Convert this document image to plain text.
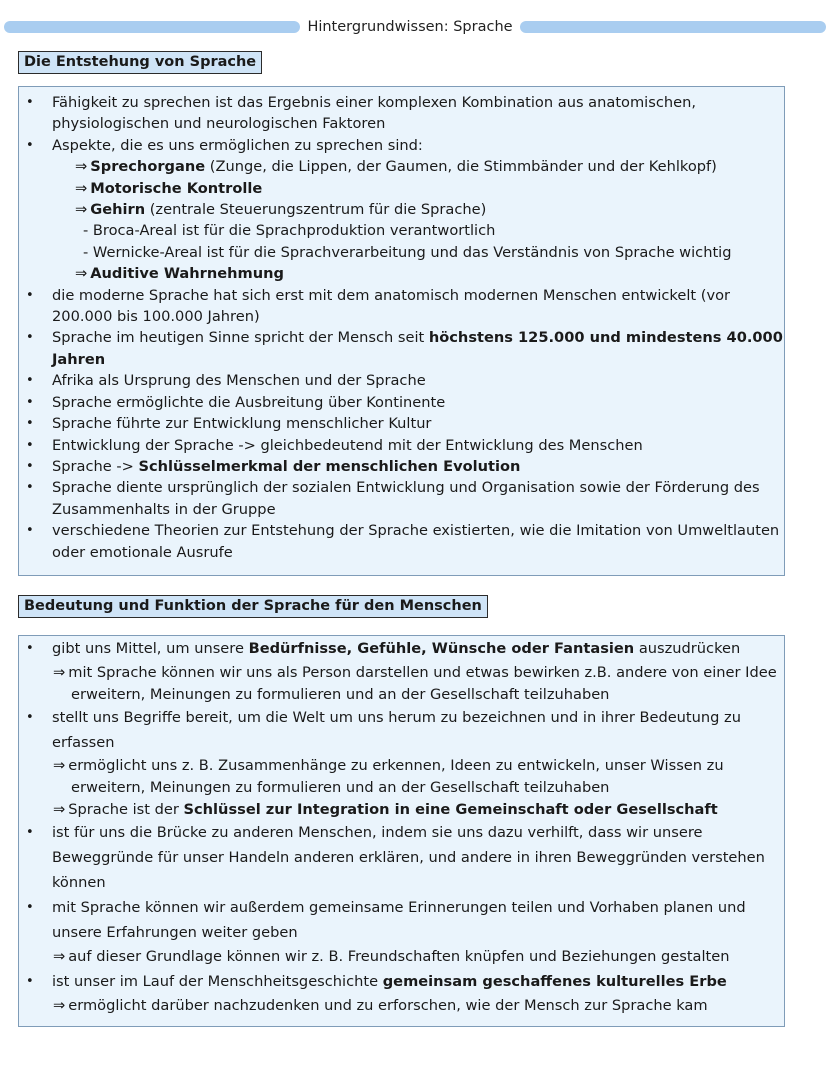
Hintergrundwissen: Sprache
Die Entstehung von Sprache
• Fähigkeit zu sprechen ist das Ergebnis einer komplexen Kombination aus anatomischen, physiologischen und neurologischen Faktoren
• Aspekte, die es uns ermöglichen zu sprechen sind:
⇒ Sprechorgane (Zunge, die Lippen, der Gaumen, die Stimmbänder und der Kehlkopf)
⇒ Motorische Kontrolle
⇒ Gehirn (zentrale Steuerungszentrum für die Sprache)
- Broca-Areal ist für die Sprachproduktion verantwortlich
- Wernicke-Areal ist für die Sprachverarbeitung und das Verständnis von Sprache wichtig
⇒ Auditive Wahrnehmung
• die moderne Sprache hat sich erst mit dem anatomisch modernen Menschen entwickelt (vor 200.000 bis 100.000 Jahren)
• Sprache im heutigen Sinne spricht der Mensch seit höchstens 125.000 und mindestens 40.000 Jahren
• Afrika als Ursprung des Menschen und der Sprache
• Sprache ermöglichte die Ausbreitung über Kontinente
• Sprache führte zur Entwicklung menschlicher Kultur
• Entwicklung der Sprache -> gleichbedeutend mit der Entwicklung des Menschen
• Sprache -> Schlüsselmerkmal der menschlichen Evolution
• Sprache diente ursprünglich der sozialen Entwicklung und Organisation sowie der Förderung des Zusammenhalts in der Gruppe
• verschiedene Theorien zur Entstehung der Sprache existierten, wie die Imitation von Umweltlauten oder emotionale Ausrufe
Bedeutung und Funktion der Sprache für den Menschen
• gibt uns Mittel, um unsere Bedürfnisse, Gefühle, Wünsche oder Fantasien auszudrücken
⇒ mit Sprache können wir uns als Person darstellen und etwas bewirken z.B. andere von einer Idee erweitern, Meinungen zu formulieren und an der Gesellschaft teilzuhaben
• stellt uns Begriffe bereit, um die Welt um uns herum zu bezeichnen und in ihrer Bedeutung zu erfassen
⇒ ermöglicht uns z. B. Zusammenhänge zu erkennen, Ideen zu entwickeln, unser Wissen zu erweitern, Meinungen zu formulieren und an der Gesellschaft teilzuhaben
⇒ Sprache ist der Schlüssel zur Integration in eine Gemeinschaft oder Gesellschaft
• ist für uns die Brücke zu anderen Menschen, indem sie uns dazu verhilft, dass wir unsere Beweggründe für unser Handeln anderen erklären, und andere in ihren Beweggründen verstehen können
• mit Sprache können wir außerdem gemeinsame Erinnerungen teilen und Vorhaben planen und unsere Erfahrungen weiter geben
⇒ auf dieser Grundlage können wir z. B. Freundschaften knüpfen und Beziehungen gestalten
• ist unser im Lauf der Menschheitsgeschichte gemeinsam geschaffenes kulturelles Erbe
⇒ ermöglicht darüber nachzudenken und zu erforschen, wie der Mensch zur Sprache kam
